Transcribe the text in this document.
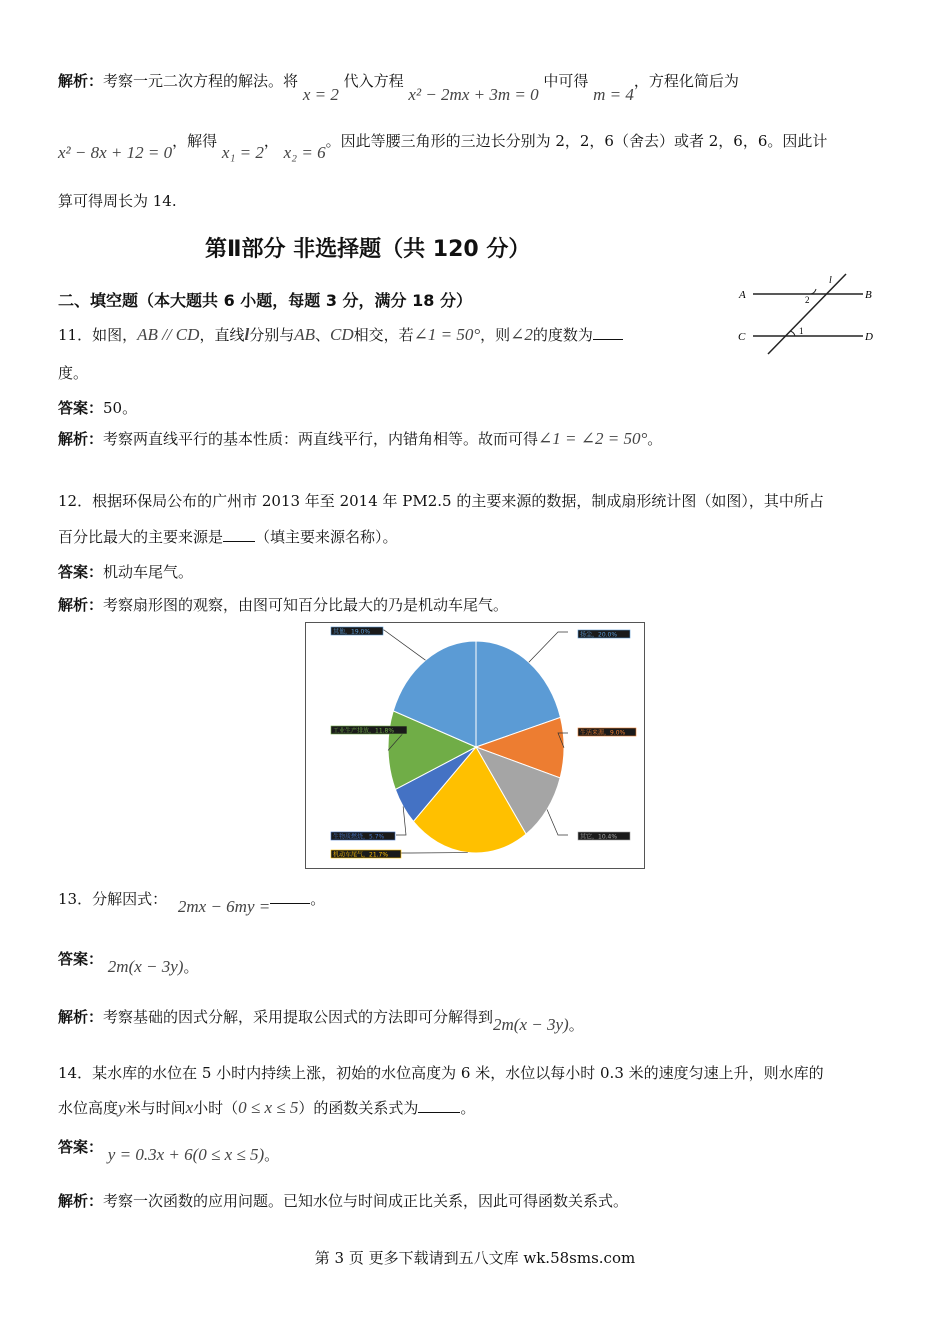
解析：考察一元二次方程的解法。将 x = 2 代入方程 x² − 2mx + 3m = 0 中可得 m = 4，方程化简后为
x² − 8x + 12 = 0，解得 x₁ = 2， x₂ = 6。因此等腰三角形的三边长分别为 2，2，6（舍去）或者 2，6，6。因此计
算可得周长为 14.
第Ⅱ部分 非选择题（共 120 分）
二、填空题（本大题共 6 小题，每题 3 分，满分 18 分）	A	B
C	D
l
2
1
11．如图，AB // CD，直线l分别与AB、CD相交，若∠1 = 50°，则∠2的度数为
度。
答案：50。
解析：考察两直线平行的基本性质：两直线平行，内错角相等。故而可得∠1 = ∠2 = 50°。
12．根据环保局公布的广州市 2013 年至 2014 年 PM2.5 的主要来源的数据，制成扇形统计图（如图），其中所占
百分比最大的主要来源是 （填主要来源名称）。
答案：机动车尾气。
解析：考察扇形图的观察，由图可知百分比最大的乃是机动车尾气。
扬尘，20.0%
生活来源，9.0%
其它，10.4%
机动车尾气，21.7%
生物质燃烧，5.7%
工业生产排放，11.8%
其他，19.0%
13．分解因式： 2mx − 6my =	。
答案： 2m(x − 3y)。
解析：考察基础的因式分解，采用提取公因式的方法即可分解得到2m(x − 3y)。
14．某水库的水位在 5 小时内持续上涨，初始的水位高度为 6 米，水位以每小时 0.3 米的速度匀速上升，则水库的
水位高度y米与时间x小时（0 ≤ x ≤ 5）的函数关系式为	。
答案： y = 0.3x + 6(0 ≤ x ≤ 5)。
解析：考察一次函数的应用问题。已知水位与时间成正比关系，因此可得函数关系式。
第 3 页 更多下载请到五八文库 wk.58sms.com
